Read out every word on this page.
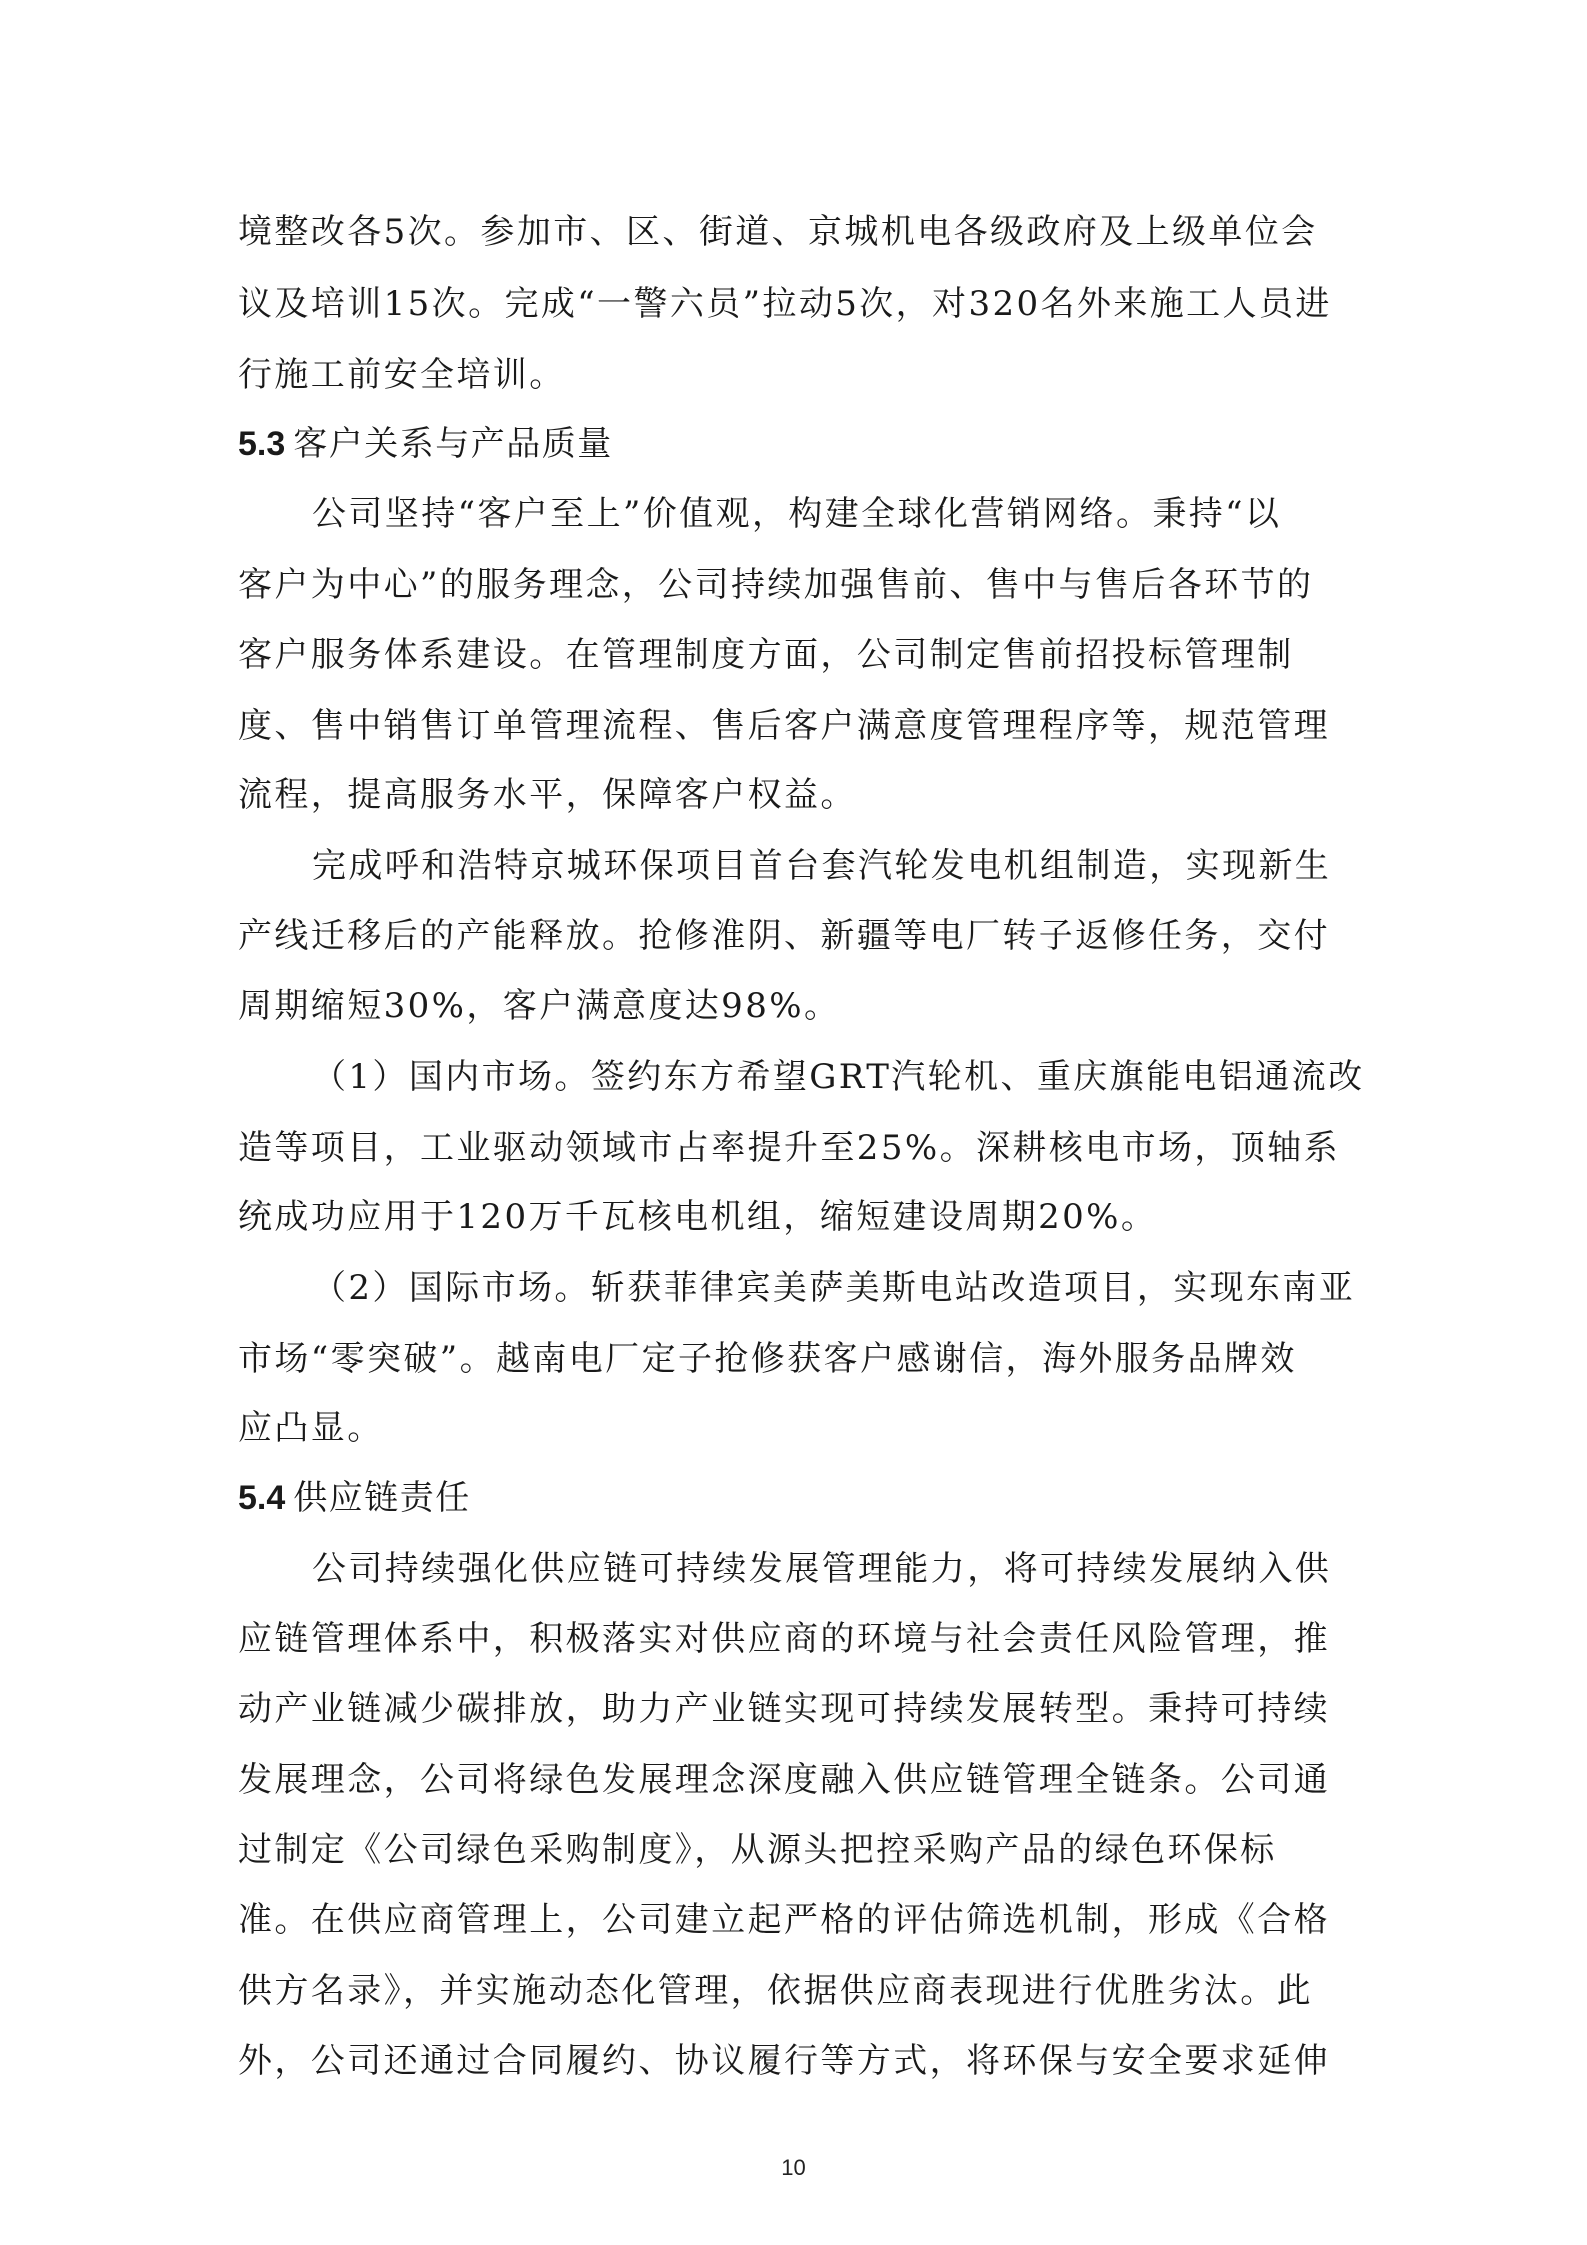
境整改各5次。参加市、区、街道、京城机电各级政府及上级单位会
议及培训15次。完成“一警六员”拉动5次，对320名外来施工人员进
行施工前安全培训。
5.3 客户关系与产品质量
公司坚持“客户至上”价值观，构建全球化营销网络。秉持“以
客户为中心”的服务理念，公司持续加强售前、售中与售后各环节的
客户服务体系建设。在管理制度方面，公司制定售前招投标管理制
度、售中销售订单管理流程、售后客户满意度管理程序等，规范管理
流程，提高服务水平，保障客户权益。
完成呼和浩特京城环保项目首台套汽轮发电机组制造，实现新生
产线迁移后的产能释放。抢修淮阴、新疆等电厂转子返修任务，交付
周期缩短30%，客户满意度达98%。
（1）国内市场。签约东方希望GRT汽轮机、重庆旗能电铝通流改
造等项目，工业驱动领域市占率提升至25%。深耕核电市场，顶轴系
统成功应用于120万千瓦核电机组，缩短建设周期20%。
（2）国际市场。斩获菲律宾美萨美斯电站改造项目，实现东南亚
市场“零突破”。越南电厂定子抢修获客户感谢信，海外服务品牌效
应凸显。
5.4 供应链责任
公司持续强化供应链可持续发展管理能力，将可持续发展纳入供
应链管理体系中，积极落实对供应商的环境与社会责任风险管理，推
动产业链减少碳排放，助力产业链实现可持续发展转型。秉持可持续
发展理念，公司将绿色发展理念深度融入供应链管理全链条。公司通
过制定《公司绿色采购制度》，从源头把控采购产品的绿色环保标
准。在供应商管理上，公司建立起严格的评估筛选机制，形成《合格
供方名录》，并实施动态化管理，依据供应商表现进行优胜劣汰。此
外，公司还通过合同履约、协议履行等方式，将环保与安全要求延伸
10
